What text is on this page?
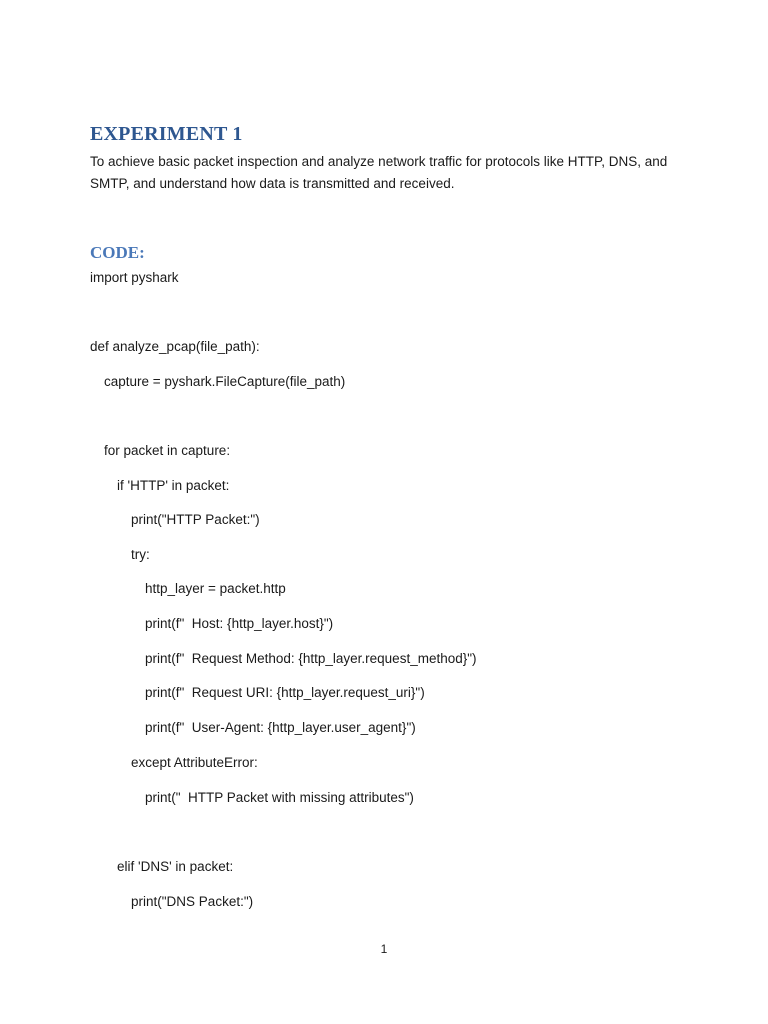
EXPERIMENT 1

To achieve basic packet inspection and analyze network traffic for protocols like HTTP, DNS, and SMTP, and understand how data is transmitted and received.

CODE:
import pyshark
def analyze_pcap(file_path):
capture = pyshark.FileCapture(file_path)
for packet in capture:
if 'HTTP' in packet:
print("HTTP Packet:")
try:
http_layer = packet.http
print(f"  Host: {http_layer.host}")
print(f"  Request Method: {http_layer.request_method}")
print(f"  Request URI: {http_layer.request_uri}")
print(f"  User-Agent: {http_layer.user_agent}")
except AttributeError:
print("  HTTP Packet with missing attributes")
elif 'DNS' in packet:
print("DNS Packet:")
1
